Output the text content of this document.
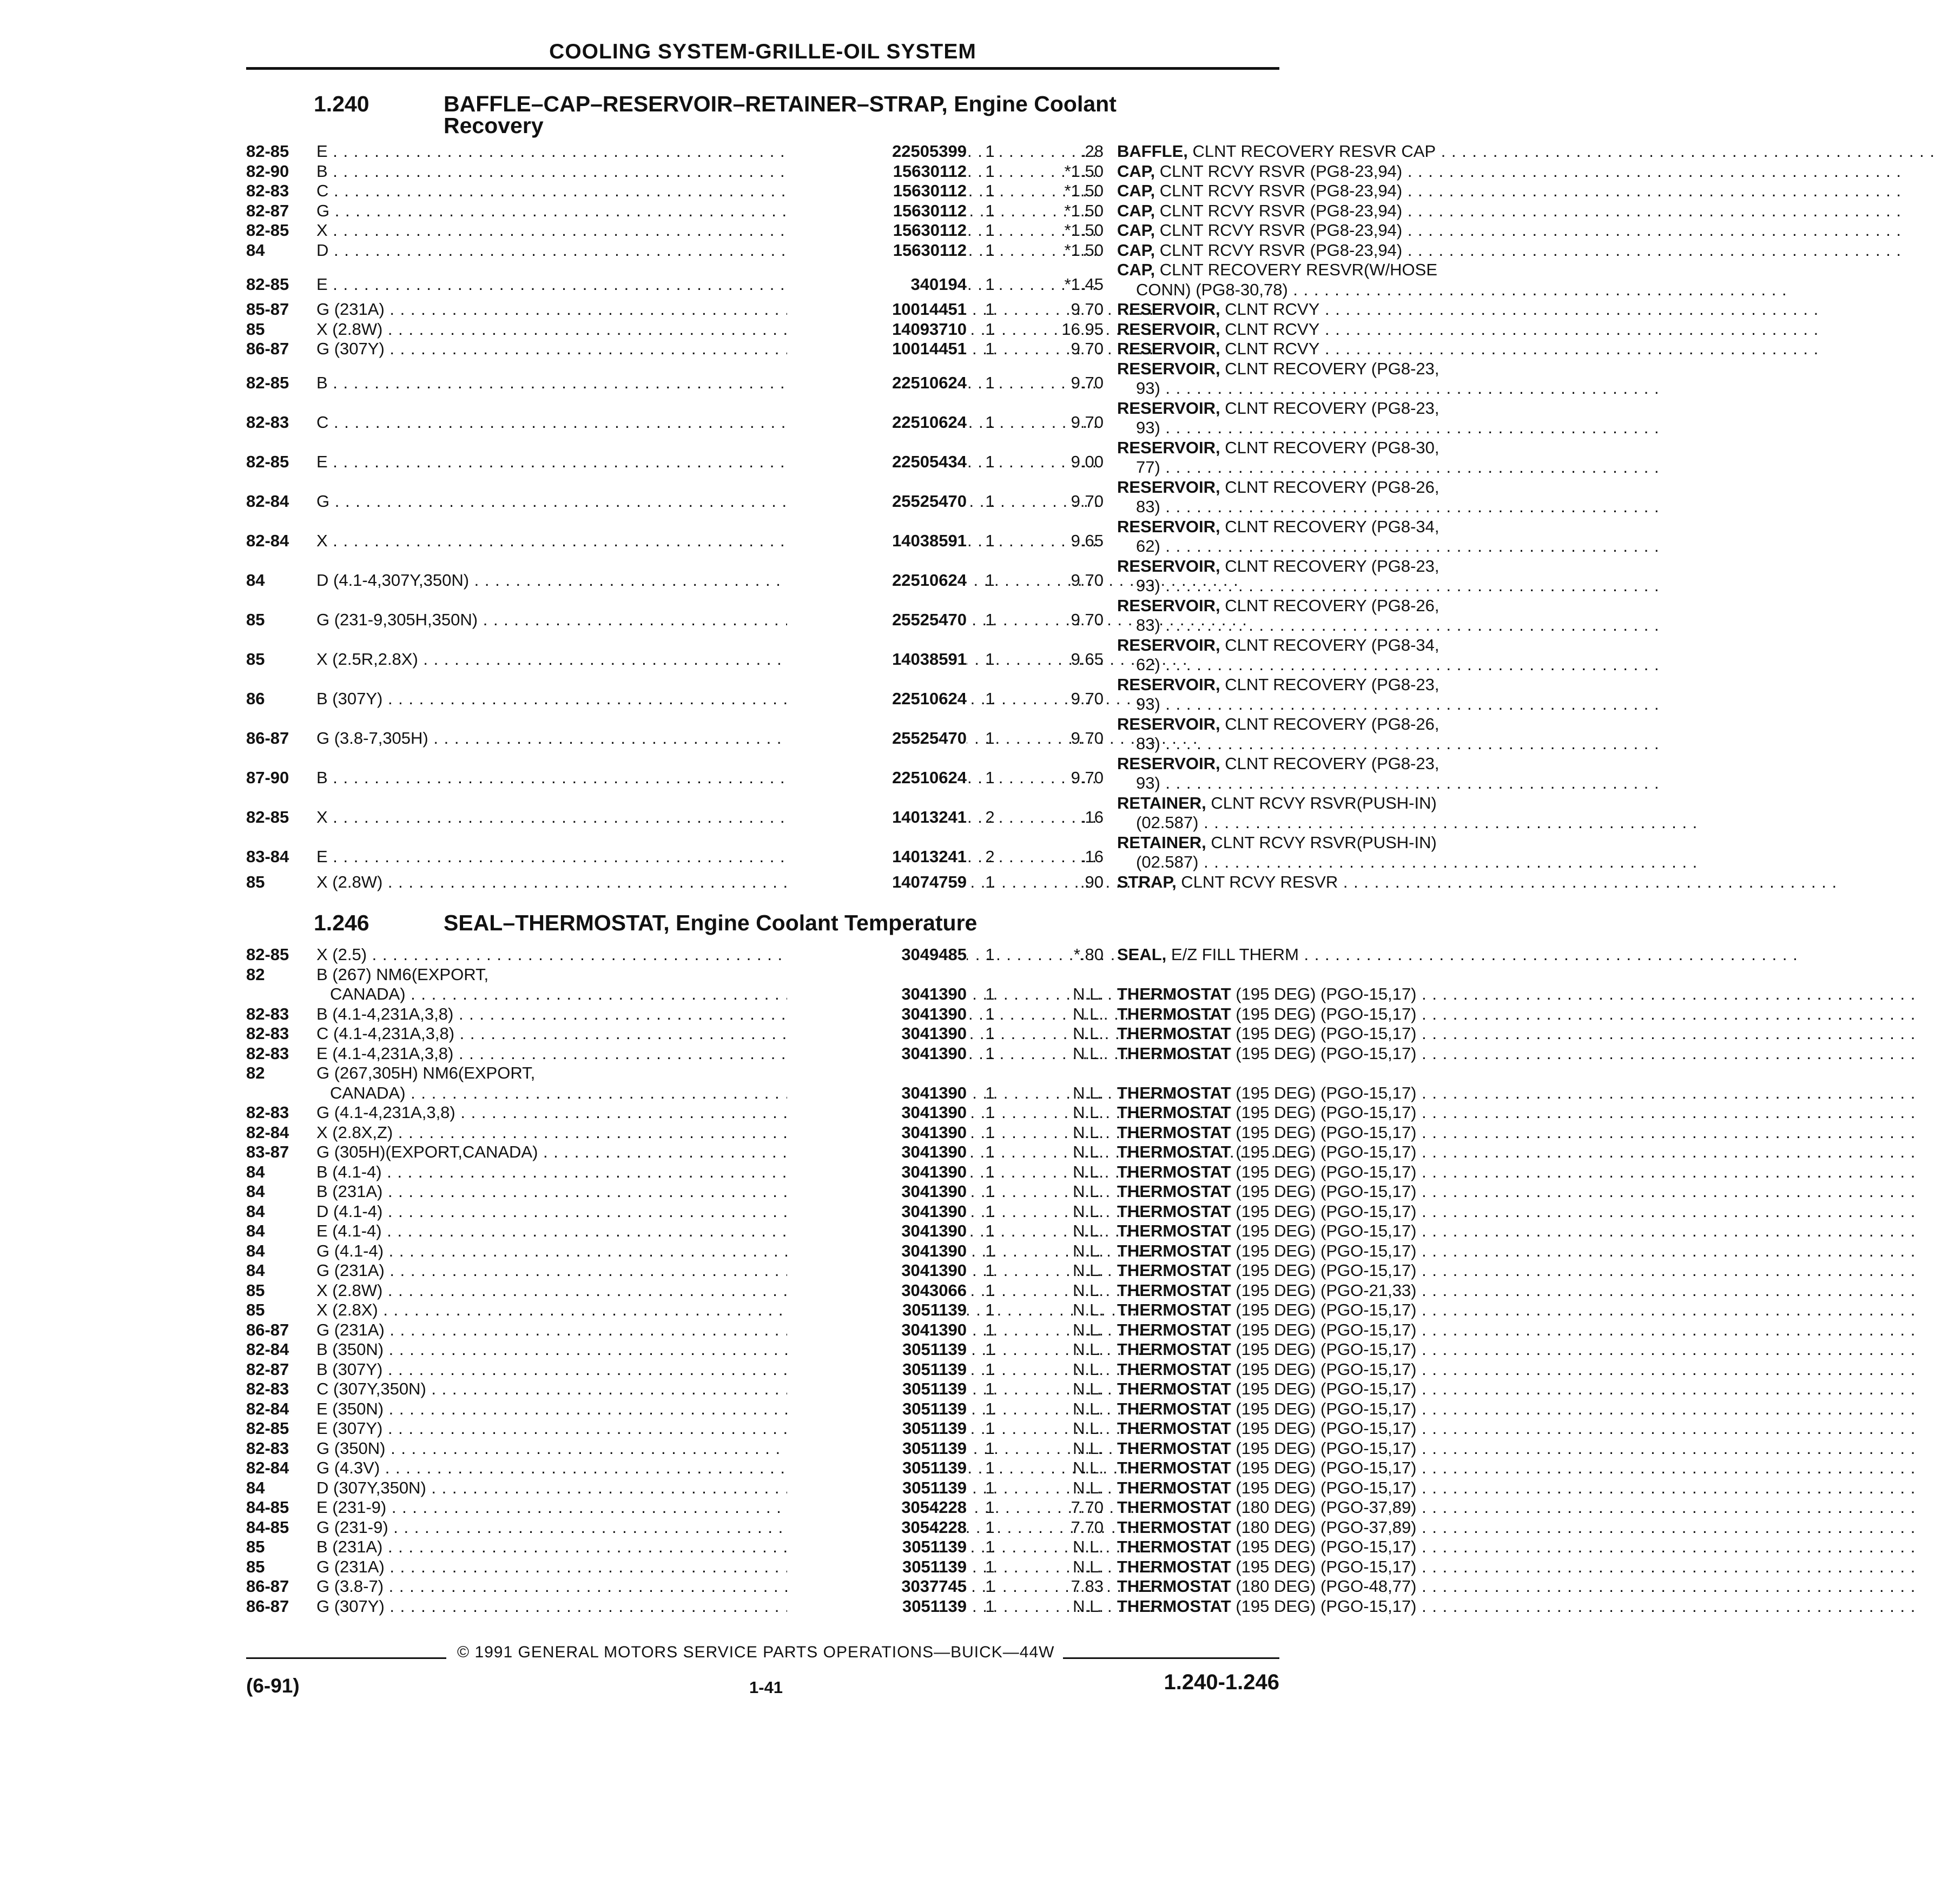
COOLING SYSTEM-GRILLE-OIL SYSTEM
1.240	BAFFLE–CAP–RESERVOIR–RETAINER–STRAP, Engine Coolant Recovery
82-85 E . . .	22505399	1	.28 BAFFLE, CLNT RECOVERY RESVR CAP . . .
82-90 B . . .	15630112	1	*1.50 CAP, CLNT RCVY RSVR (PG8-23,94) . . .
82-83 C . . .	15630112	1	*1.50 CAP, CLNT RCVY RSVR (PG8-23,94) . . .
82-87 G . . .	15630112	1	*1.50 CAP, CLNT RCVY RSVR (PG8-23,94) . . .
82-85 X . . .	15630112	1	*1.50 CAP, CLNT RCVY RSVR (PG8-23,94) . . .
84	D . . .	15630112	1	*1.50 CAP, CLNT RCVY RSVR (PG8-23,94) . . .
82-85 E . . .	340194	1	*1.45
CAP, CLNT RECOVERY RESVR(W/HOSE
CONN) (PG8-30,78) . . .
85-87 G (231A) . . .	10014451	1	9.70 RESERVOIR, CLNT RCVY . . .
85	X (2.8W) . . .	14093710	1	16.95 RESERVOIR, CLNT RCVY . . .
86-87 G (307Y) . . .	10014451	1	9.70 RESERVOIR, CLNT RCVY . . .
82-85 B . . .	22510624	1	9.70
RESERVOIR, CLNT RECOVERY (PG8-23,
93) . . .
82-83 C . . .	22510624	1	9.70
RESERVOIR, CLNT RECOVERY (PG8-23,
93) . . .
82-85 E . . .	22505434	1	9.00
RESERVOIR, CLNT RECOVERY (PG8-30,
77) . . .
82-84 G . . .	25525470	1	9.70
RESERVOIR, CLNT RECOVERY (PG8-26,
83) . . .
82-84 X . . .	14038591	1	9.65
RESERVOIR, CLNT RECOVERY (PG8-34,
62) . . .
84	D (4.1-4,307Y,350N) . . .	22510624	1	9.70
RESERVOIR, CLNT RECOVERY (PG8-23,
93) . . .
85	G (231-9,305H,350N) . . .	25525470	1	9.70
RESERVOIR, CLNT RECOVERY (PG8-26,
83) . . .
85	X (2.5R,2.8X) . . .	14038591	1	9.65
RESERVOIR, CLNT RECOVERY (PG8-34,
62) . . .
86	B (307Y) . . .	22510624	1	9.70
RESERVOIR, CLNT RECOVERY (PG8-23,
93) . . .
86-87 G (3.8-7,305H) . . .	25525470	1	9.70
RESERVOIR, CLNT RECOVERY (PG8-26,
83) . . .
87-90 B . . .	22510624	1	9.70
RESERVOIR, CLNT RECOVERY (PG8-23,
93) . . .
82-85 X . . .	14013241	2	.16
RETAINER, CLNT RCVY RSVR(PUSH-IN)
(02.587) . . .
83-84 E . . .	14013241	2	.16
RETAINER, CLNT RCVY RSVR(PUSH-IN)
(02.587) . . .
85	X (2.8W) . . .	14074759	1	.90 STRAP, CLNT RCVY RESVR . . .
1.246	SEAL–THERMOSTAT, Engine Coolant Temperature
82-85 X (2.5) . . .	3049485	1	*.80 SEAL, E/Z FILL THERM . . .
82	B (267) NM6(EXPORT,
CANADA) . . .	3041390	1	N.L. THERMOSTAT (195 DEG) (PGO-15,17) . . .
82-83 B (4.1-4,231A,3,8) . . .	3041390	1	N.L. THERMOSTAT (195 DEG) (PGO-15,17) . . .
82-83 C (4.1-4,231A,3,8) . . .	3041390	1	N.L. THERMOSTAT (195 DEG) (PGO-15,17) . . .
82-83 E (4.1-4,231A,3,8) . . .	3041390	1	N.L. THERMOSTAT (195 DEG) (PGO-15,17) . . .
82	G (267,305H) NM6(EXPORT,
CANADA) . . .	3041390	1	N.L. THERMOSTAT (195 DEG) (PGO-15,17) . . .
82-83 G (4.1-4,231A,3,8) . . .	3041390	1	N.L. THERMOSTAT (195 DEG) (PGO-15,17) . . .
82-84 X (2.8X,Z) . . .	3041390	1	N.L. THERMOSTAT (195 DEG) (PGO-15,17) . . .
83-87 G (305H)(EXPORT,CANADA) . . .	3041390	1	N.L. THERMOSTAT (195 DEG) (PGO-15,17) . . .
84	B (4.1-4) . . .	3041390	1	N.L. THERMOSTAT (195 DEG) (PGO-15,17) . . .
84	B (231A) . . .	3041390	1	N.L. THERMOSTAT (195 DEG) (PGO-15,17) . . .
84	D (4.1-4) . . .	3041390	1	N.L. THERMOSTAT (195 DEG) (PGO-15,17) . . .
84	E (4.1-4) . . .	3041390	1	N.L. THERMOSTAT (195 DEG) (PGO-15,17) . . .
84	G (4.1-4) . . .	3041390	1	N.L. THERMOSTAT (195 DEG) (PGO-15,17) . . .
84	G (231A) . . .	3041390	1	N.L. THERMOSTAT (195 DEG) (PGO-15,17) . . .
85	X (2.8W) . . .	3043066	1	N.L. THERMOSTAT (195 DEG) (PGO-21,33) . . .
85	X (2.8X) . . .	3051139	1	N.L. THERMOSTAT (195 DEG) (PGO-15,17) . . .
86-87 G (231A) . . .	3041390	1	N.L. THERMOSTAT (195 DEG) (PGO-15,17) . . .
82-84 B (350N) . . .	3051139	1	N.L. THERMOSTAT (195 DEG) (PGO-15,17) . . .
82-87 B (307Y) . . .	3051139	1	N.L. THERMOSTAT (195 DEG) (PGO-15,17) . . .
82-83 C (307Y,350N) . . .	3051139	1	N.L. THERMOSTAT (195 DEG) (PGO-15,17) . . .
82-84 E (350N) . . .	3051139	1	N.L. THERMOSTAT (195 DEG) (PGO-15,17) . . .
82-85 E (307Y) . . .	3051139	1	N.L. THERMOSTAT (195 DEG) (PGO-15,17) . . .
82-83 G (350N) . . .	3051139	1	N.L. THERMOSTAT (195 DEG) (PGO-15,17) . . .
82-84 G (4.3V) . . .	3051139	1	N.L. THERMOSTAT (195 DEG) (PGO-15,17) . . .
84	D (307Y,350N) . . .	3051139	1	N.L. THERMOSTAT (195 DEG) (PGO-15,17) . . .
84-85 E (231-9) . . .	3054228	1	7.70 THERMOSTAT (180 DEG) (PGO-37,89) . . .
84-85 G (231-9) . . .	3054228	1	7.70 THERMOSTAT (180 DEG) (PGO-37,89) . . .
85	B (231A) . . .	3051139	1	N.L. THERMOSTAT (195 DEG) (PGO-15,17) . . .
85	G (231A) . . .	3051139	1	N.L. THERMOSTAT (195 DEG) (PGO-15,17) . . .
86-87 G (3.8-7) . . .	3037745	1	7.83 THERMOSTAT (180 DEG) (PGO-48,77) . . .
86-87 G (307Y) . . .	3051139	1	N.L. THERMOSTAT (195 DEG) (PGO-15,17) . . .
© 1991 GENERAL MOTORS SERVICE PARTS OPERATIONS—BUICK—44W
(6-91)	1-41	1.240-1.246
